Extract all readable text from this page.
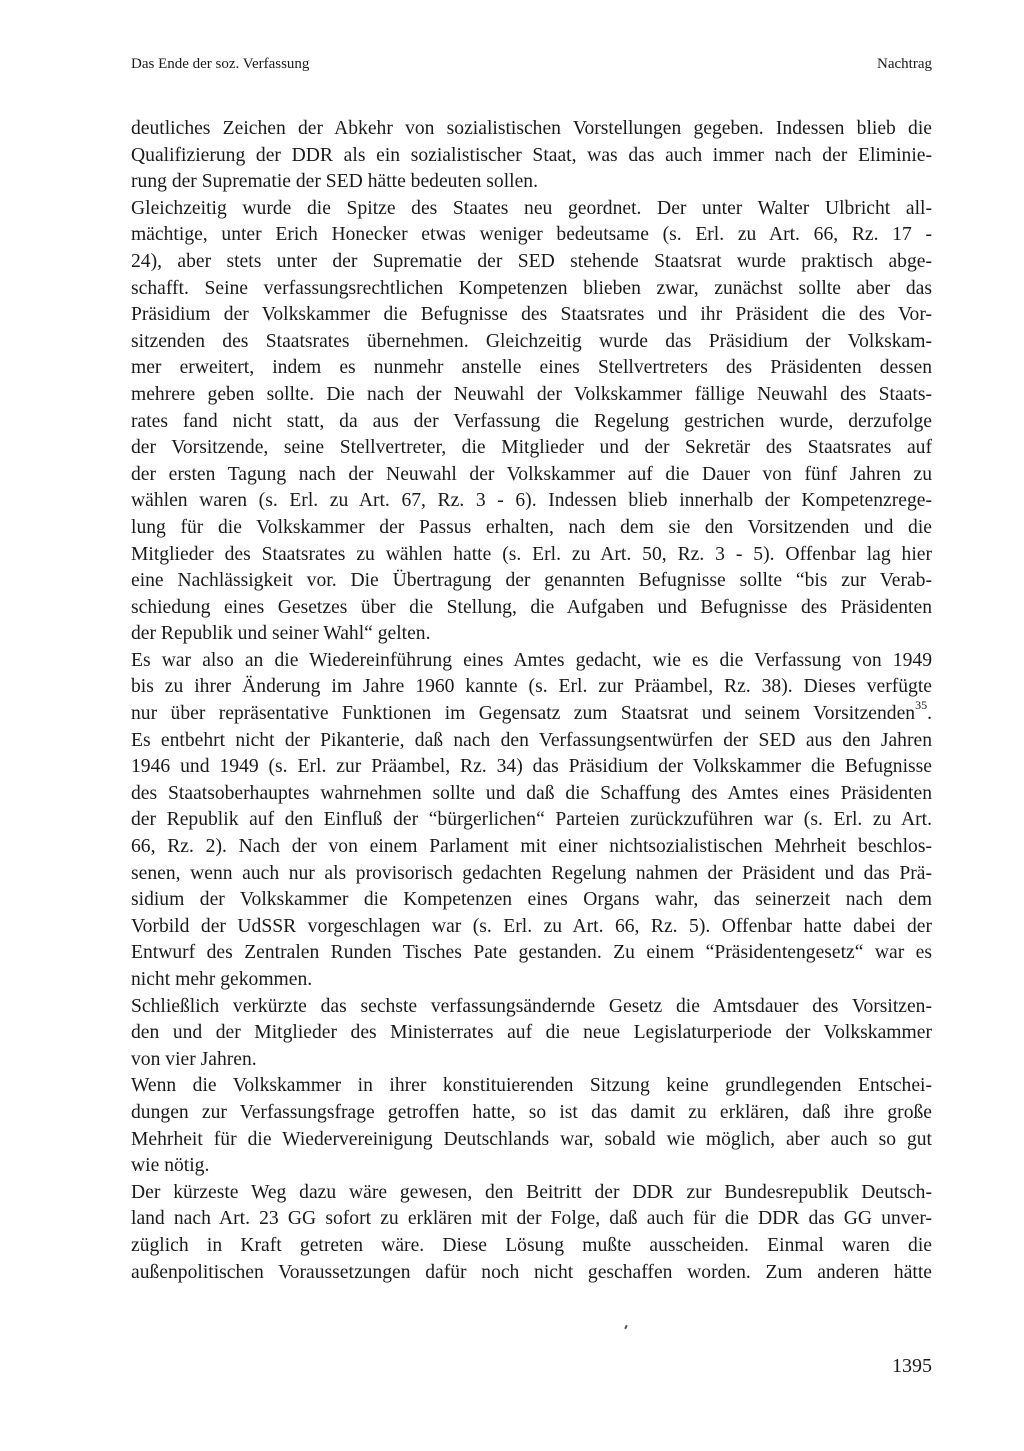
Das Ende der soz. Verfassung	Nachtrag
deutliches Zeichen der Abkehr von sozialistischen Vorstellungen gegeben. Indessen blieb die
Qualifizierung der DDR als ein sozialistischer Staat, was das auch immer nach der Eliminie-
rung der Suprematie der SED hätte bedeuten sollen.
Gleichzeitig wurde die Spitze des Staates neu geordnet. Der unter Walter Ulbricht all-
mächtige, unter Erich Honecker etwas weniger bedeutsame (s. Erl. zu Art. 66, Rz. 17 -
24), aber stets unter der Suprematie der SED stehende Staatsrat wurde praktisch abge-
schafft. Seine verfassungsrechtlichen Kompetenzen blieben zwar, zunächst sollte aber das
Präsidium der Volkskammer die Befugnisse des Staatsrates und ihr Präsident die des Vor-
sitzenden des Staatsrates übernehmen. Gleichzeitig wurde das Präsidium der Volkskam-
mer erweitert, indem es nunmehr anstelle eines Stellvertreters des Präsidenten dessen
mehrere geben sollte. Die nach der Neuwahl der Volkskammer fällige Neuwahl des Staats-
rates fand nicht statt, da aus der Verfassung die Regelung gestrichen wurde, derzufolge
der Vorsitzende, seine Stellvertreter, die Mitglieder und der Sekretär des Staatsrates auf
der ersten Tagung nach der Neuwahl der Volkskammer auf die Dauer von fünf Jahren zu
wählen waren (s. Erl. zu Art. 67, Rz. 3 - 6). Indessen blieb innerhalb der Kompetenzrege-
lung für die Volkskammer der Passus erhalten, nach dem sie den Vorsitzenden und die
Mitglieder des Staatsrates zu wählen hatte (s. Erl. zu Art. 50, Rz. 3 - 5). Offenbar lag hier
eine Nachlässigkeit vor. Die Übertragung der genannten Befugnisse sollte “bis zur Verab-
schiedung eines Gesetzes über die Stellung, die Aufgaben und Befugnisse des Präsidenten
der Republik und seiner Wahl“ gelten.
Es war also an die Wiedereinführung eines Amtes gedacht, wie es die Verfassung von 1949
bis zu ihrer Änderung im Jahre 1960 kannte (s. Erl. zur Präambel, Rz. 38). Dieses verfügte
nur über repräsentative Funktionen im Gegensatz zum Staatsrat und seinem Vorsitzenden$^{35}$.
Es entbehrt nicht der Pikanterie, daß nach den Verfassungsentwürfen der SED aus den Jahren
1946 und 1949 (s. Erl. zur Präambel, Rz. 34) das Präsidium der Volkskammer die Befugnisse
des Staatsoberhauptes wahrnehmen sollte und daß die Schaffung des Amtes eines Präsidenten
der Republik auf den Einfluß der “bürgerlichen“ Parteien zurückzuführen war (s. Erl. zu Art.
66, Rz. 2). Nach der von einem Parlament mit einer nichtsozialistischen Mehrheit beschlos-
senen, wenn auch nur als provisorisch gedachten Regelung nahmen der Präsident und das Prä-
sidium der Volkskammer die Kompetenzen eines Organs wahr, das seinerzeit nach dem
Vorbild der UdSSR vorgeschlagen war (s. Erl. zu Art. 66, Rz. 5). Offenbar hatte dabei der
Entwurf des Zentralen Runden Tisches Pate gestanden. Zu einem “Präsidentengesetz“ war es
nicht mehr gekommen.
Schließlich verkürzte das sechste verfassungsändernde Gesetz die Amtsdauer des Vorsitzen-
den und der Mitglieder des Ministerrates auf die neue Legislaturperiode der Volkskammer
von vier Jahren.
Wenn die Volkskammer in ihrer konstituierenden Sitzung keine grundlegenden Entschei-
dungen zur Verfassungsfrage getroffen hatte, so ist das damit zu erklären, daß ihre große
Mehrheit für die Wiedervereinigung Deutschlands war, sobald wie möglich, aber auch so gut
wie nötig.
Der kürzeste Weg dazu wäre gewesen, den Beitritt der DDR zur Bundesrepublik Deutsch-
land nach Art. 23 GG sofort zu erklären mit der Folge, daß auch für die DDR das GG unver-
züglich in Kraft getreten wäre. Diese Lösung mußte ausscheiden. Einmal waren die
außenpolitischen Voraussetzungen dafür noch nicht geschaffen worden. Zum anderen hätte
1395
